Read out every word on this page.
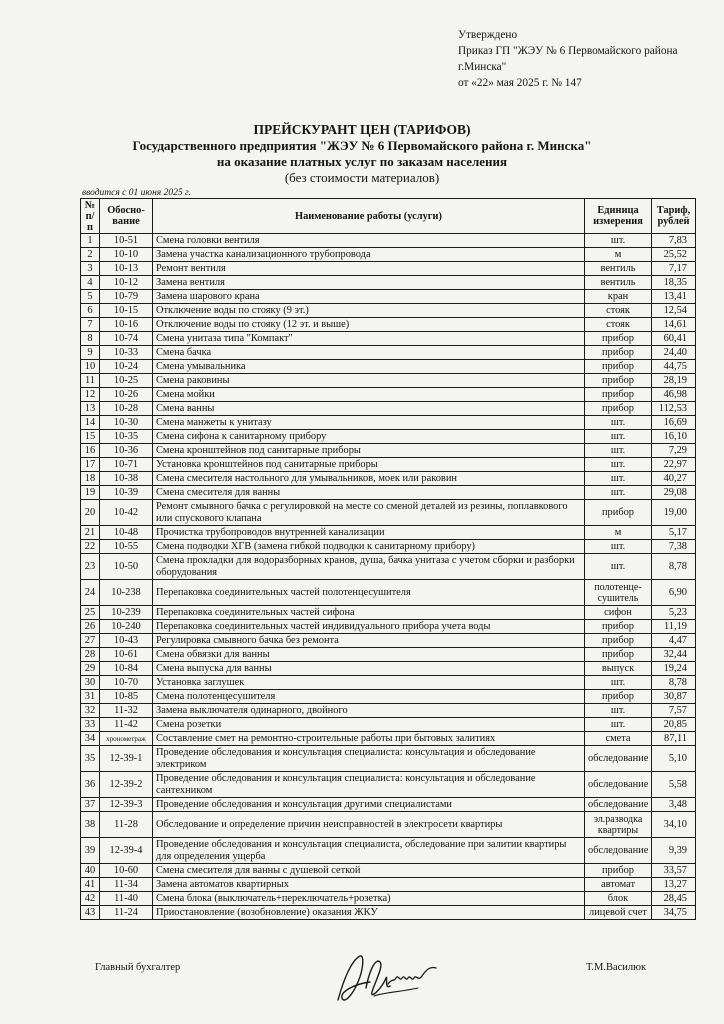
Утверждено
Приказ ГП "ЖЭУ № 6 Первомайского района
г.Минска"
от «22» мая 2025 г. № 147
ПРЕЙСКУРАНТ ЦЕН (ТАРИФОВ)
Государственного предприятия "ЖЭУ № 6 Первомайского района г. Минска"
на оказание платных услуг по заказам населения
(без стоимости материалов)
вводится с 01 июня 2025 г.
№ п/п	Обосно-вание	Наименование работы (услуги)	Единица измерения	Тариф, рублей
1	10-51	Смена головки вентиля	шт.	7,83
2	10-10	Замена участка канализационного трубопровода	м	25,52
3	10-13	Ремонт вентиля	вентиль	7,17
4	10-12	Замена вентиля	вентиль	18,35
5	10-79	Замена шарового крана	кран	13,41
6	10-15	Отключение воды по стояку (9 эт.)	стояк	12,54
7	10-16	Отключение воды по стояку (12 эт. и выше)	стояк	14,61
8	10-74	Смена унитаза типа "Компакт"	прибор	60,41
9	10-33	Смена бачка	прибор	24,40
10	10-24	Смена умывальника	прибор	44,75
11	10-25	Смена раковины	прибор	28,19
12	10-26	Смена мойки	прибор	46,98
13	10-28	Смена ванны	прибор	112,53
14	10-30	Смена манжеты к унитазу	шт.	16,69
15	10-35	Смена сифона к санитарному прибору	шт.	16,10
16	10-36	Смена кронштейнов под санитарные приборы	шт.	7,29
17	10-71	Установка кронштейнов под санитарные приборы	шт.	22,97
18	10-38	Смена смесителя настольного для умывальников, моек или раковин	шт.	40,27
19	10-39	Смена смесителя для ванны	шт.	29,08
20	10-42	Ремонт смывного бачка с регулировкой на месте со сменой деталей из резины, поплавкового или спускового клапана	прибор	19,00
21	10-48	Прочистка трубопроводов внутренней канализации	м	5,17
22	10-55	Смена подводки ХГВ (замена гибкой подводки к санитарному прибору)	шт.	7,38
23	10-50	Смена прокладки для водоразборных кранов, душа, бачка унитаза с учетом сборки и разборки оборудования	шт.	8,78
24	10-238	Перепаковка соединительных частей полотенцесушителя	полотенце-сушитель	6,90
25	10-239	Перепаковка соединительных частей сифона	сифон	5,23
26	10-240	Перепаковка соединительных частей индивидуального прибора учета воды	прибор	11,19
27	10-43	Регулировка смывного бачка без ремонта	прибор	4,47
28	10-61	Смена обвязки для ванны	прибор	32,44
29	10-84	Смена выпуска для ванны	выпуск	19,24
30	10-70	Установка заглушек	шт.	8,78
31	10-85	Смена полотенцесушителя	прибор	30,87
32	11-32	Замена выключателя одинарного, двойного	шт.	7,57
33	11-42	Смена розетки	шт.	20,85
34	хронометраж	Составление смет на ремонтно-строительные работы при бытовых залитиях	смета	87,11
35	12-39-1	Проведение обследования и консультация специалиста: консультация и обследование электриком	обследование	5,10
36	12-39-2	Проведение обследования и консультация специалиста: консультация и обследование сантехником	обследование	5,58
37	12-39-3	Проведение обследования и консультация другими специалистами	обследование	3,48
38	11-28	Обследование и определение причин неисправностей в электросети квартиры	эл.разводка квартиры	34,10
39	12-39-4	Проведение обследования и консультация специалиста, обследование при залитии квартиры для определения ущерба	обследование	9,39
40	10-60	Смена смесителя для ванны с душевой сеткой	прибор	33,57
41	11-34	Замена автоматов квартирных	автомат	13,27
42	11-40	Смена блока (выключатель+переключатель+розетка)	блок	28,45
43	11-24	Приостановление (возобновление) оказания ЖКУ	лицевой счет	34,75
Главный бухгалтер	Т.М.Василюк
